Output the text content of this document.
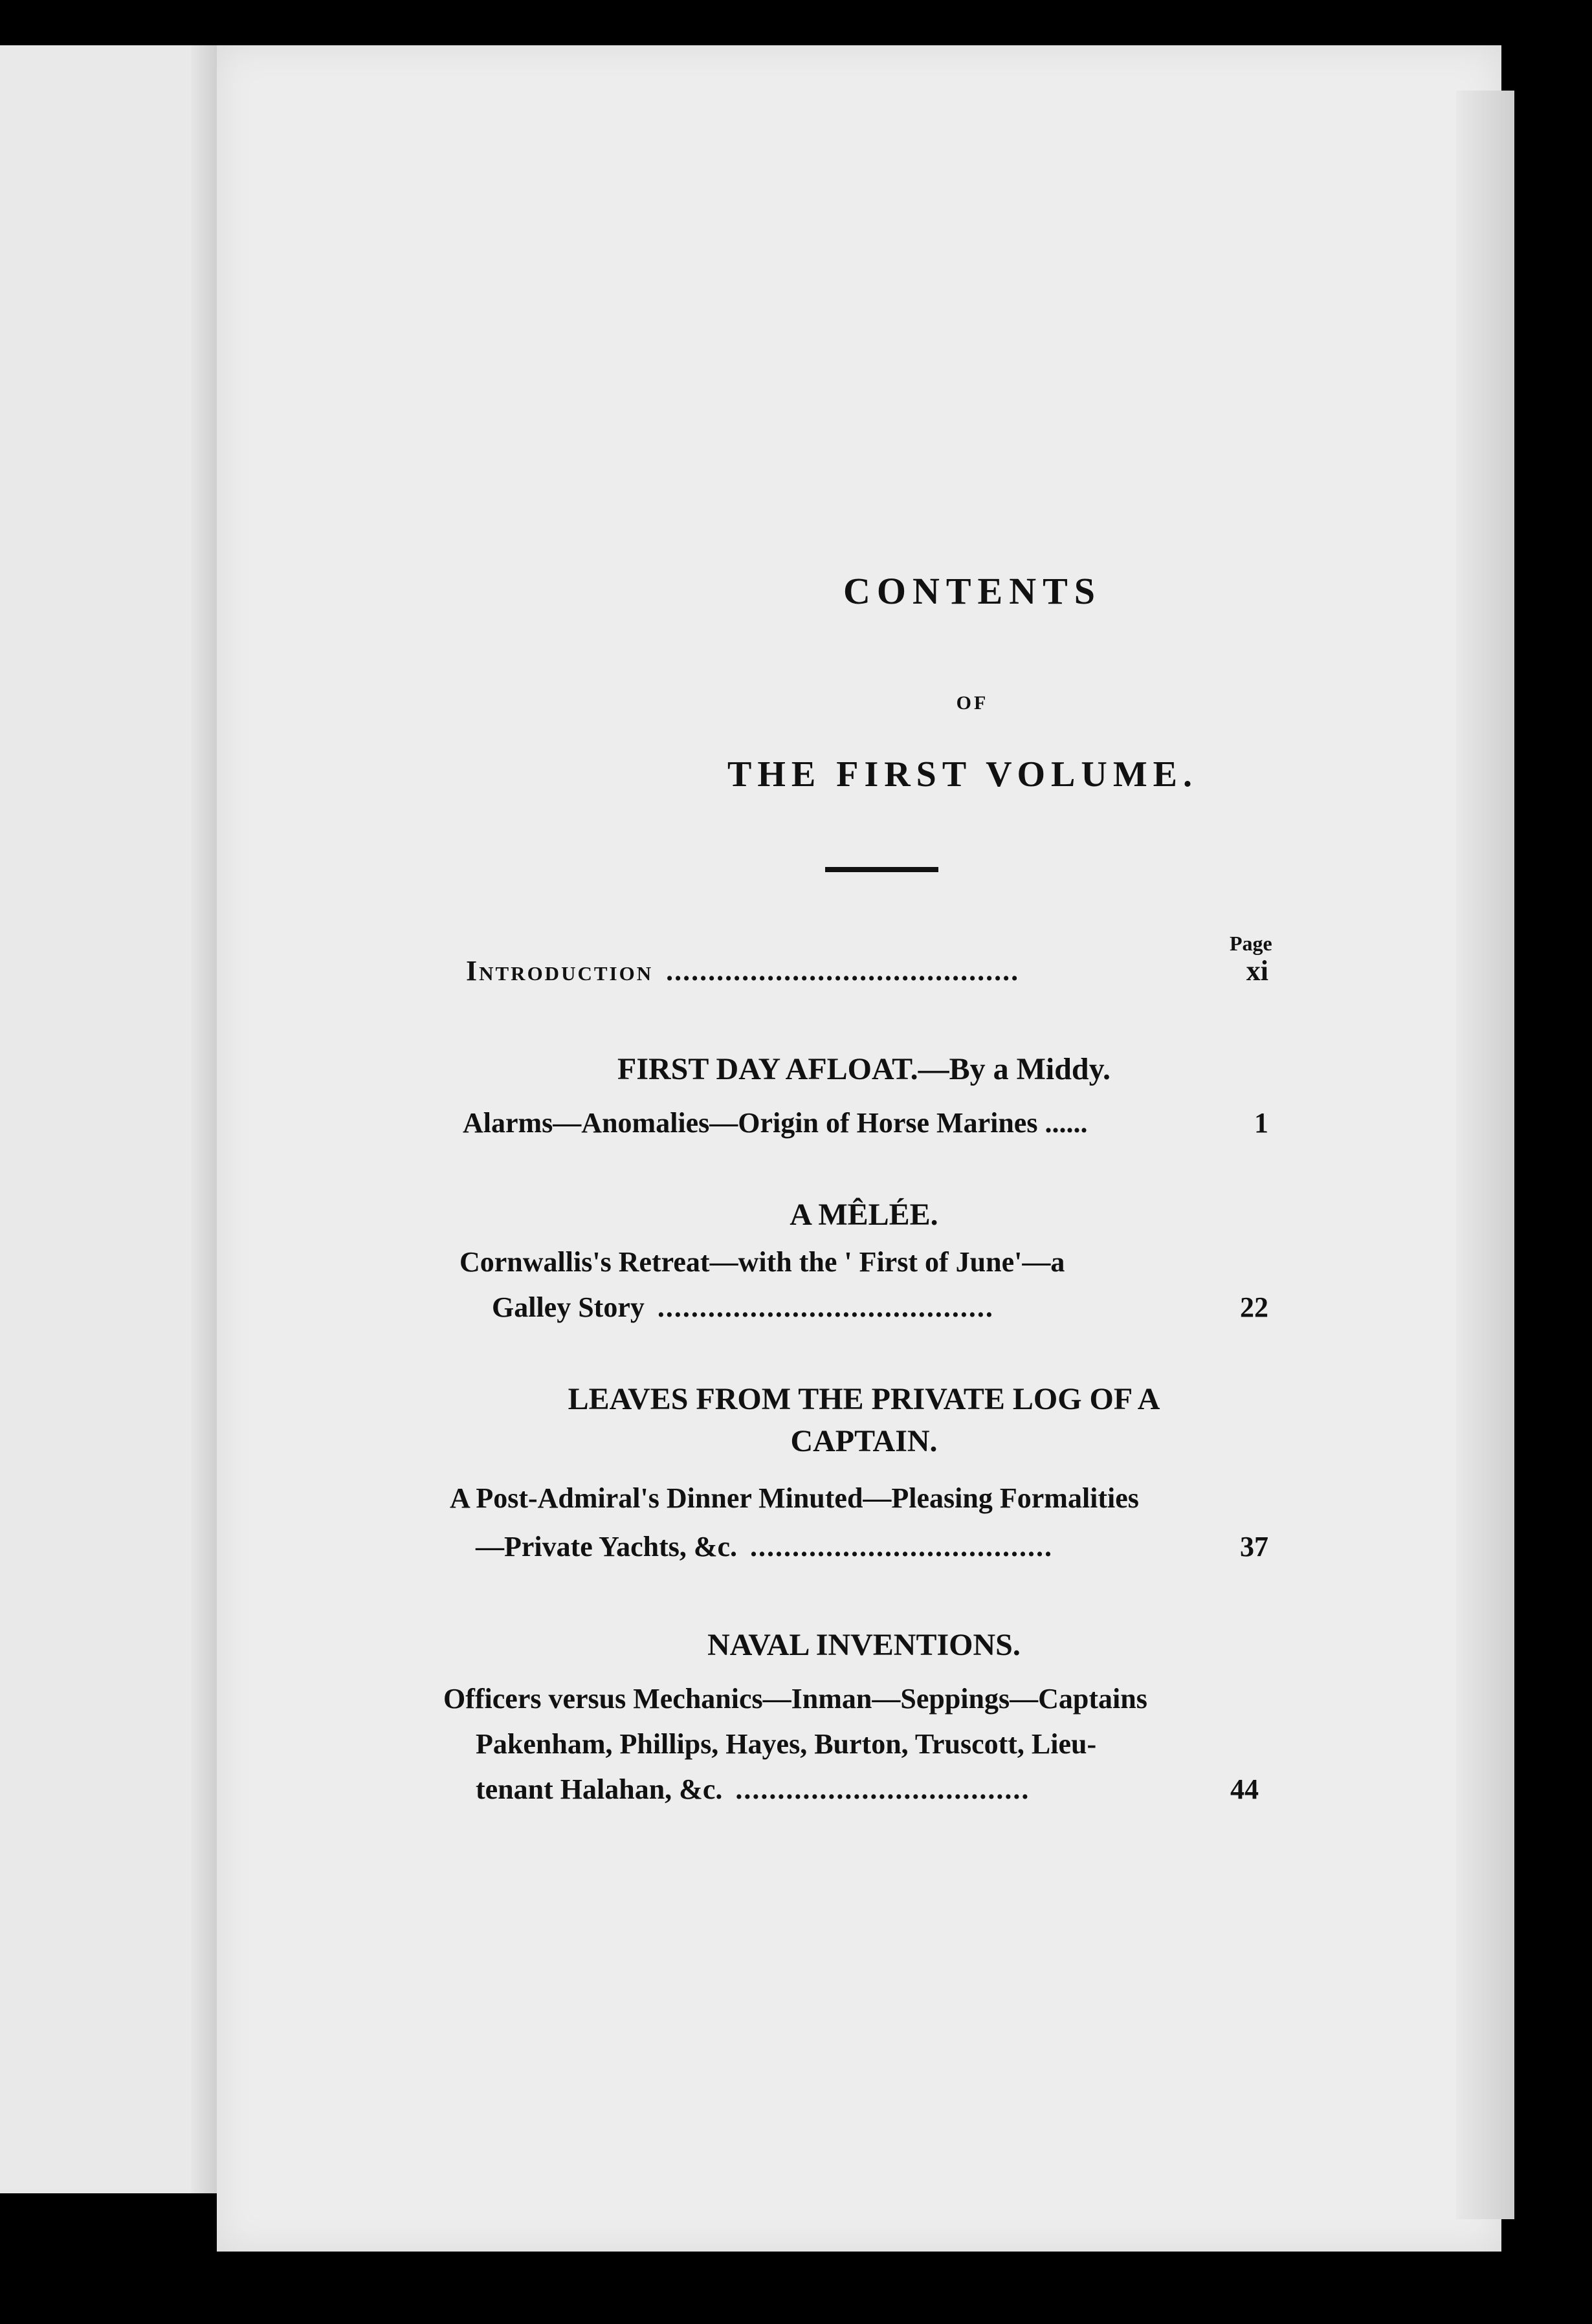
CONTENTS
OF
THE FIRST VOLUME.
Page
Introduction ..........................................	xi
FIRST DAY AFLOAT.—By a Middy.
Alarms—Anomalies—Origin of Horse Marines ......	1
A MÊLÉE.
Cornwallis's Retreat—with the ' First of June'—a
Galley Story ........................................	22
LEAVES FROM THE PRIVATE LOG OF A
CAPTAIN.
A Post-Admiral's Dinner Minuted—Pleasing Formalities
—Private Yachts, &c. ....................................	37
NAVAL INVENTIONS.
Officers versus Mechanics—Inman—Seppings—Captains
Pakenham, Phillips, Hayes, Burton, Truscott, Lieu-
tenant Halahan, &c. ...................................	44
